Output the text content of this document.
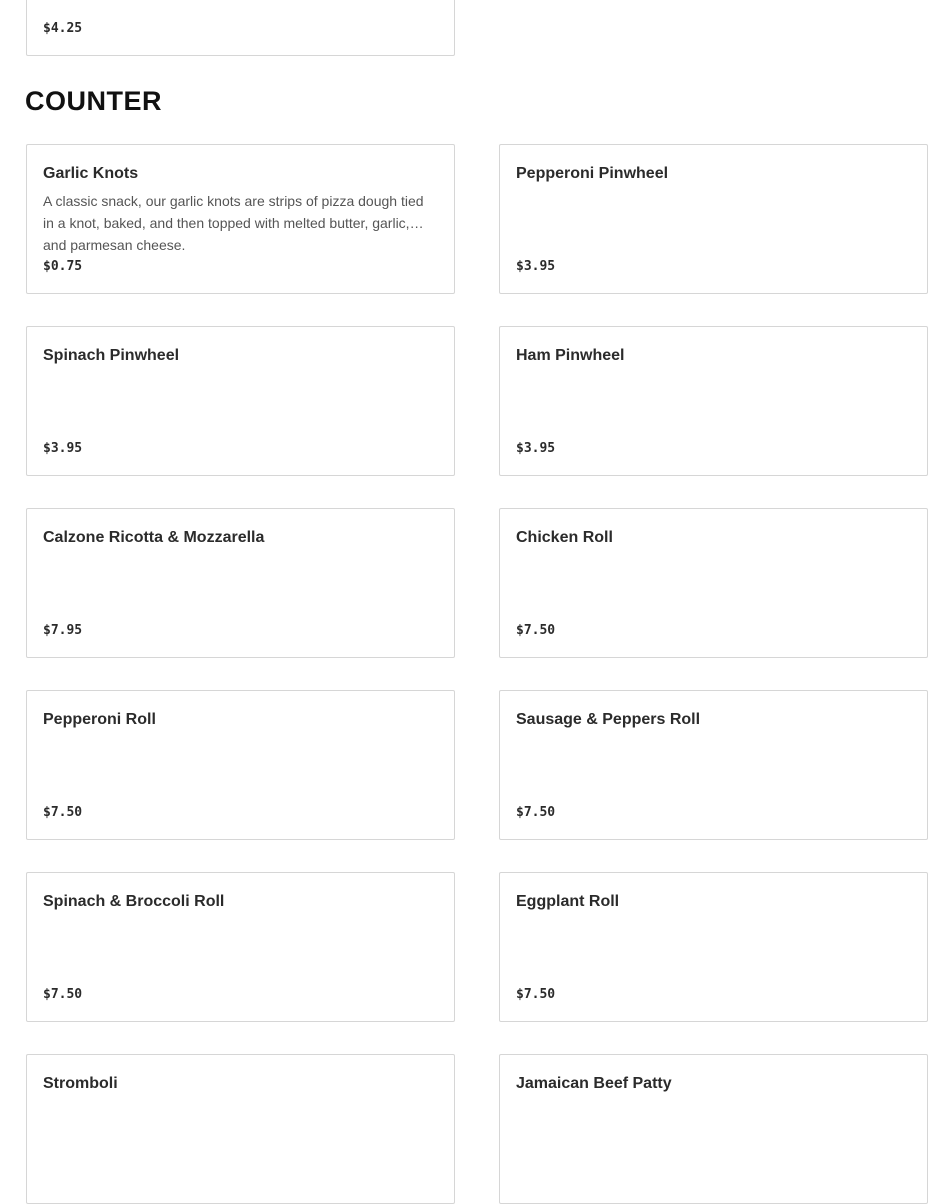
$4.25
COUNTER
Garlic Knots
A classic snack, our garlic knots are strips of pizza dough tied in a knot, baked, and then topped with melted butter, garlic, and parmesan cheese.
$0.75
Pepperoni Pinwheel
$3.95
Spinach Pinwheel
$3.95
Ham Pinwheel
$3.95
Calzone Ricotta & Mozzarella
$7.95
Chicken Roll
$7.50
Pepperoni Roll
$7.50
Sausage & Peppers Roll
$7.50
Spinach & Broccoli Roll
$7.50
Eggplant Roll
$7.50
Stromboli	Jamaican Beef Patty
